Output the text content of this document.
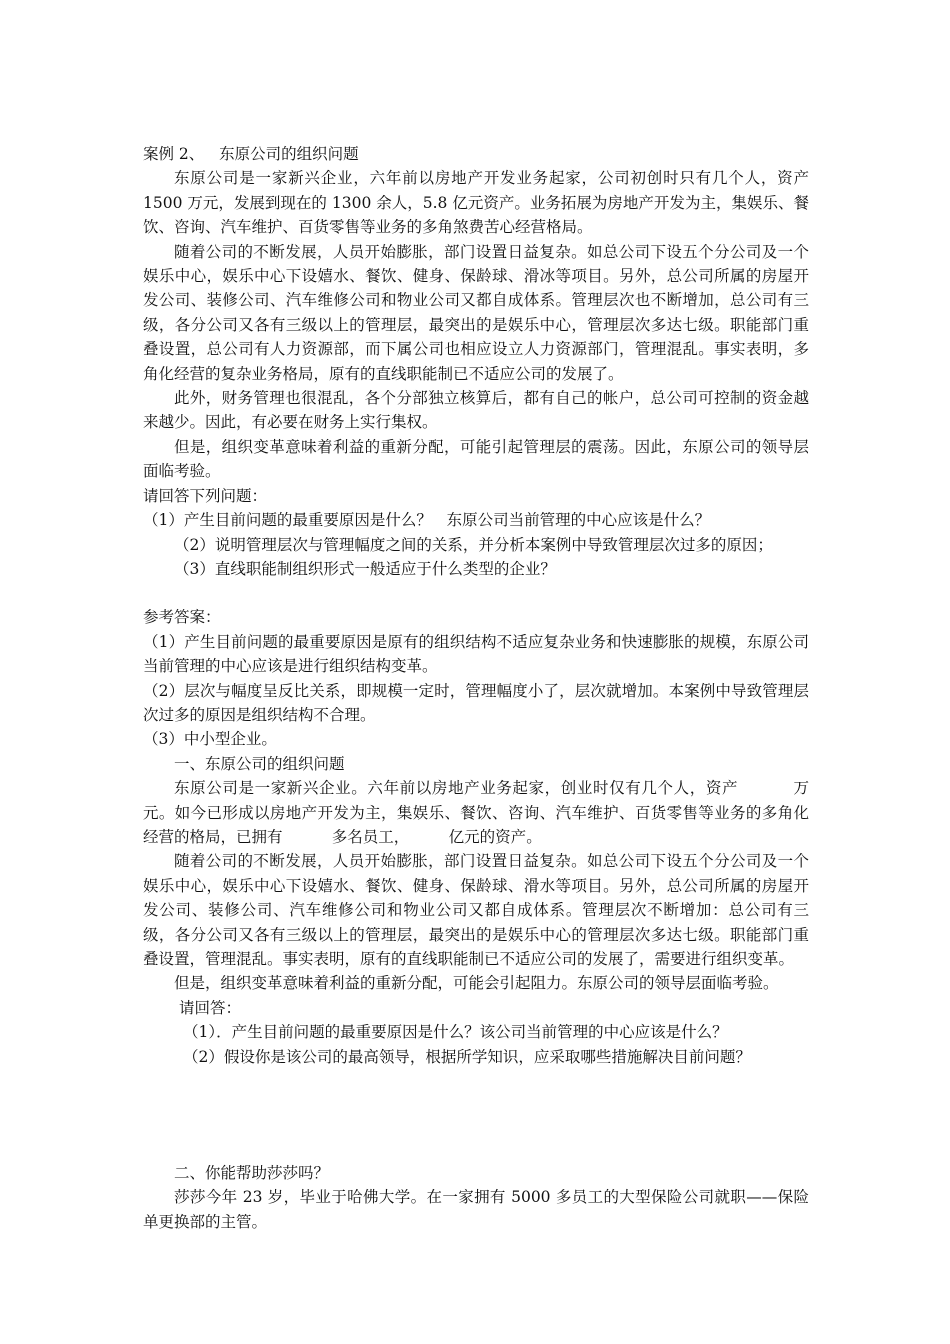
案例 2、   东原公司的组织问题

东原公司是一家新兴企业，六年前以房地产开发业务起家，公司初创时只有几个人，资产 1500 万元，发展到现在的 1300 余人，5.8 亿元资产。业务拓展为房地产开发为主，集娱乐、餐饮、咨询、汽车维护、百货零售等业务的多角煞费苦心经营格局。

随着公司的不断发展，人员开始膨胀，部门设置日益复杂。如总公司下设五个分公司及一个娱乐中心，娱乐中心下设嬉水、餐饮、健身、保龄球、滑冰等项目。另外，总公司所属的房屋开发公司、装修公司、汽车维修公司和物业公司又都自成体系。管理层次也不断增加，总公司有三级，各分公司又各有三级以上的管理层，最突出的是娱乐中心，管理层次多达七级。职能部门重叠设置，总公司有人力资源部，而下属公司也相应设立人力资源部门，管理混乱。事实表明，多角化经营的复杂业务格局，原有的直线职能制已不适应公司的发展了。

此外，财务管理也很混乱，各个分部独立核算后，都有自己的帐户，总公司可控制的资金越来越少。因此，有必要在财务上实行集权。

但是，组织变革意味着利益的重新分配，可能引起管理层的震荡。因此，东原公司的领导层面临考验。

请回答下列问题：

（1）产生目前问题的最重要原因是什么？   东原公司当前管理的中心应该是什么？

（2）说明管理层次与管理幅度之间的关系，并分析本案例中导致管理层次过多的原因；

（3）直线职能制组织形式一般适应于什么类型的企业？

参考答案：

（1）产生目前问题的最重要原因是原有的组织结构不适应复杂业务和快速膨胀的规模，东原公司当前管理的中心应该是进行组织结构变革。

（2）层次与幅度呈反比关系，即规模一定时，管理幅度小了，层次就增加。本案例中导致管理层次过多的原因是组织结构不合理。

（3）中小型企业。

一、东原公司的组织问题

东原公司是一家新兴企业。六年前以房地产业务起家，创业时仅有几个人，资产          万元。如今已形成以房地产开发为主，集娱乐、餐饮、咨询、汽车维护、百货零售等业务的多角化经营的格局，已拥有          多名员工，        亿元的资产。

随着公司的不断发展，人员开始膨胀，部门设置日益复杂。如总公司下设五个分公司及一个娱乐中心，娱乐中心下设嬉水、餐饮、健身、保龄球、滑水等项目。另外，总公司所属的房屋开发公司、装修公司、汽车维修公司和物业公司又都自成体系。管理层次不断增加：总公司有三级，各分公司又各有三级以上的管理层，最突出的是娱乐中心的管理层次多达七级。职能部门重叠设置，管理混乱。事实表明，原有的直线职能制已不适应公司的发展了，需要进行组织变革。

但是，组织变革意味着利益的重新分配，可能会引起阻力。东原公司的领导层面临考验。

请回答：

（1）．产生目前问题的最重要原因是什么？该公司当前管理的中心应该是什么？

（2）假设你是该公司的最高领导，根据所学知识，应采取哪些措施解决目前问题？

二、你能帮助莎莎吗？

莎莎今年 23 岁，毕业于哈佛大学。在一家拥有 5000 多员工的大型保险公司就职——保险单更换部的主管。
